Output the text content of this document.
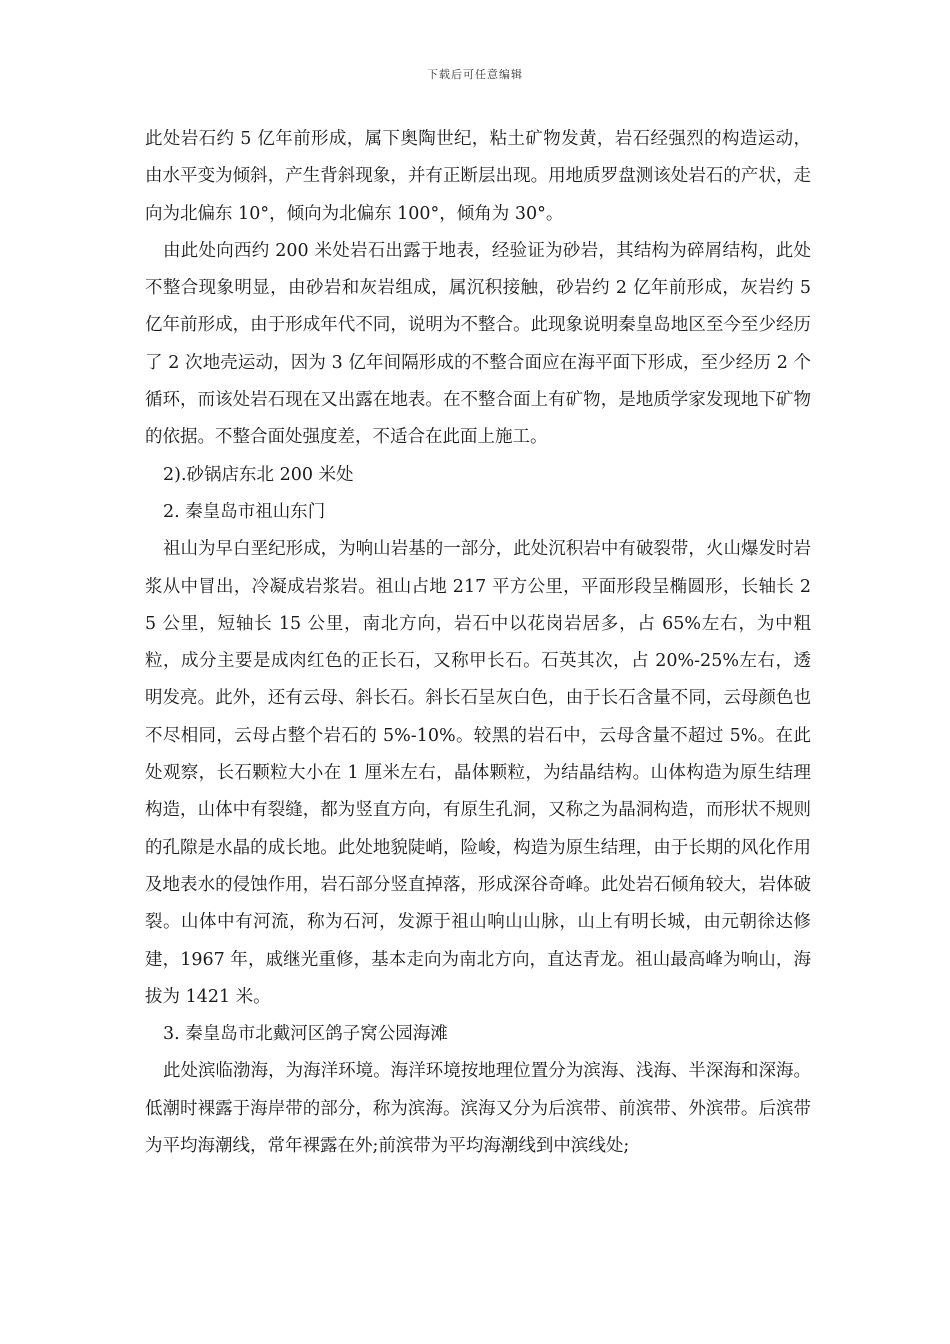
下载后可任意编辑

此处岩石约 5 亿年前形成，属下奥陶世纪，粘土矿物发黄，岩石经强烈的构造运动，由水平变为倾斜，产生背斜现象，并有正断层出现。用地质罗盘测该处岩石的产状，走向为北偏东 10°，倾向为北偏东 100°，倾角为 30°。

由此处向西约 200 米处岩石出露于地表，经验证为砂岩，其结构为碎屑结构，此处不整合现象明显，由砂岩和灰岩组成，属沉积接触，砂岩约 2 亿年前形成，灰岩约 5 亿年前形成，由于形成年代不同，说明为不整合。此现象说明秦皇岛地区至今至少经历了 2 次地壳运动，因为 3 亿年间隔形成的不整合面应在海平面下形成，至少经历 2 个循环，而该处岩石现在又出露在地表。在不整合面上有矿物，是地质学家发现地下矿物的依据。不整合面处强度差，不适合在此面上施工。

2).砂锅店东北 200 米处

2. 秦皇岛市祖山东门

祖山为早白垩纪形成，为响山岩基的一部分，此处沉积岩中有破裂带，火山爆发时岩浆从中冒出，冷凝成岩浆岩。祖山占地 217 平方公里，平面形段呈椭圆形，长轴长 25 公里，短轴长 15 公里，南北方向，岩石中以花岗岩居多，占 65%左右，为中粗粒，成分主要是成肉红色的正长石，又称甲长石。石英其次，占 20%-25%左右，透明发亮。此外，还有云母、斜长石。斜长石呈灰白色，由于长石含量不同，云母颜色也不尽相同，云母占整个岩石的 5%-10%。较黑的岩石中，云母含量不超过 5%。在此处观察，长石颗粒大小在 1 厘米左右，晶体颗粒，为结晶结构。山体构造为原生结理构造，山体中有裂缝，都为竖直方向，有原生孔洞，又称之为晶洞构造，而形状不规则的孔隙是水晶的成长地。此处地貌陡峭，险峻，构造为原生结理，由于长期的风化作用及地表水的侵蚀作用，岩石部分竖直掉落，形成深谷奇峰。此处岩石倾角较大，岩体破裂。山体中有河流，称为石河，发源于祖山响山山脉，山上有明长城，由元朝徐达修建，1967 年，戚继光重修，基本走向为南北方向，直达青龙。祖山最高峰为响山，海拔为 1421 米。

3. 秦皇岛市北戴河区鸽子窝公园海滩

此处滨临渤海，为海洋环境。海洋环境按地理位置分为滨海、浅海、半深海和深海。低潮时裸露于海岸带的部分，称为滨海。滨海又分为后滨带、前滨带、外滨带。后滨带为平均海潮线，常年裸露在外;前滨带为平均海潮线到中滨线处;
